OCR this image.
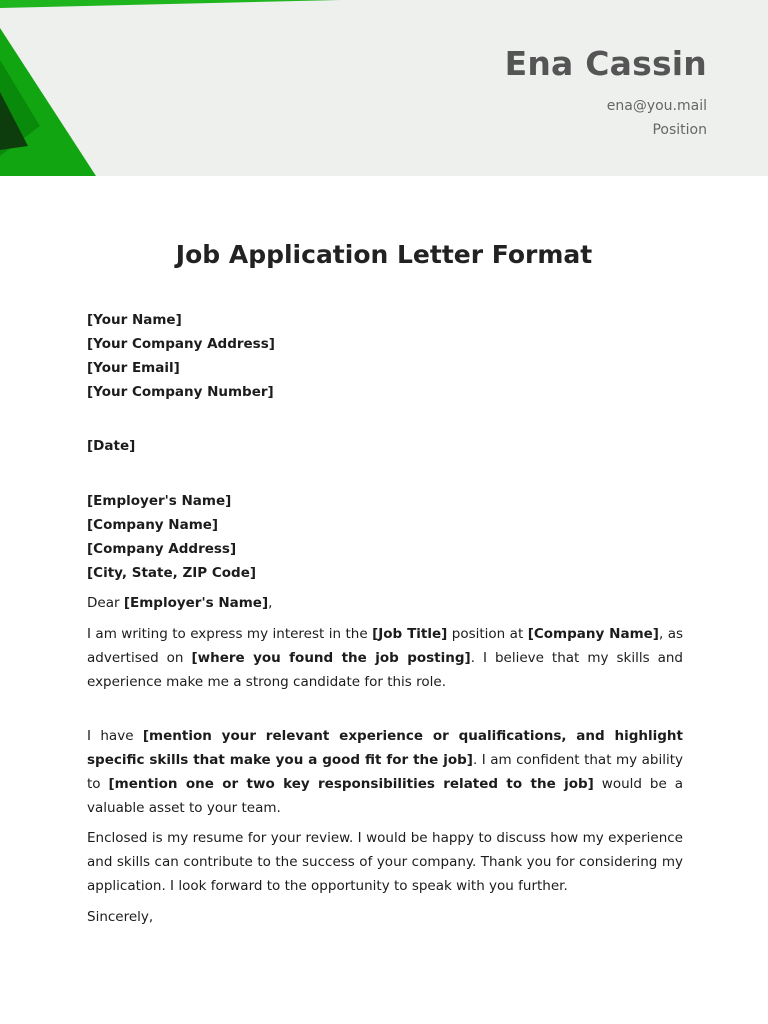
Ena Cassin
ena@you.mail
Position
Job Application Letter Format
[Your Name]
[Your Company Address]
[Your Email]
[Your Company Number]
[Date]
[Employer's Name]
[Company Name]
[Company Address]
[City, State, ZIP Code]
Dear [Employer's Name],
I am writing to express my interest in the [Job Title] position at [Company Name], as advertised on [where you found the job posting]. I believe that my skills and experience make me a strong candidate for this role.
I have [mention your relevant experience or qualifications, and highlight specific skills that make you a good fit for the job]. I am confident that my ability to [mention one or two key responsibilities related to the job] would be a valuable asset to your team.
Enclosed is my resume for your review. I would be happy to discuss how my experience and skills can contribute to the success of your company. Thank you for considering my application. I look forward to the opportunity to speak with you further.
Sincerely,
